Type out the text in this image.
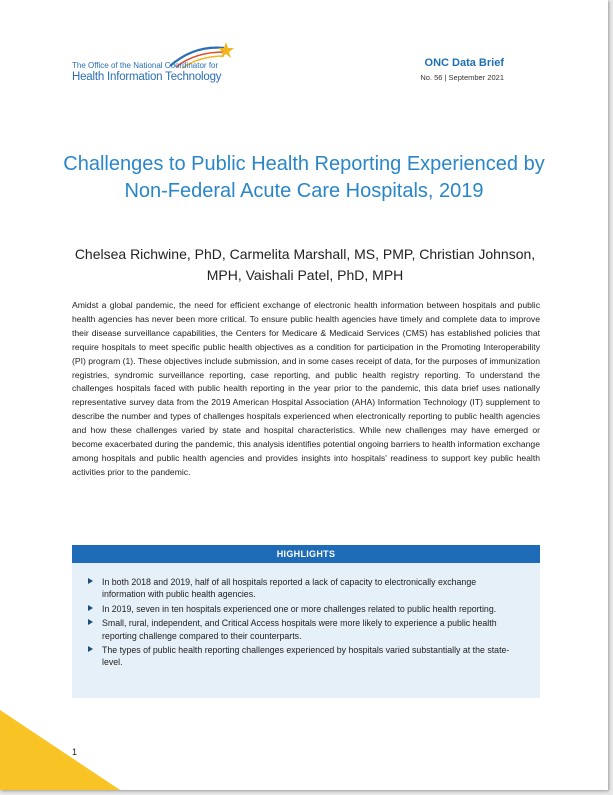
The Office of the National Coordinator for
Health Information Technology
ONC Data Brief
No. 56 | September 2021
Challenges to Public Health Reporting Experienced by Non-Federal Acute Care Hospitals, 2019
Chelsea Richwine, PhD, Carmelita Marshall, MS, PMP, Christian Johnson, MPH, Vaishali Patel, PhD, MPH
Amidst a global pandemic, the need for efficient exchange of electronic health information between hospitals and public health agencies has never been more critical. To ensure public health agencies have timely and complete data to improve their disease surveillance capabilities, the Centers for Medicare & Medicaid Services (CMS) has established policies that require hospitals to meet specific public health objectives as a condition for participation in the Promoting Interoperability (PI) program (1). These objectives include submission, and in some cases receipt of data, for the purposes of immunization registries, syndromic surveillance reporting, case reporting, and public health registry reporting. To understand the challenges hospitals faced with public health reporting in the year prior to the pandemic, this data brief uses nationally representative survey data from the 2019 American Hospital Association (AHA) Information Technology (IT) supplement to describe the number and types of challenges hospitals experienced when electronically reporting to public health agencies and how these challenges varied by state and hospital characteristics. While new challenges may have emerged or become exacerbated during the pandemic, this analysis identifies potential ongoing barriers to health information exchange among hospitals and public health agencies and provides insights into hospitals' readiness to support key public health activities prior to the pandemic.
HIGHLIGHTS
In both 2018 and 2019, half of all hospitals reported a lack of capacity to electronically exchange information with public health agencies.
In 2019, seven in ten hospitals experienced one or more challenges related to public health reporting.
Small, rural, independent, and Critical Access hospitals were more likely to experience a public health reporting challenge compared to their counterparts.
The types of public health reporting challenges experienced by hospitals varied substantially at the state-level.
1
